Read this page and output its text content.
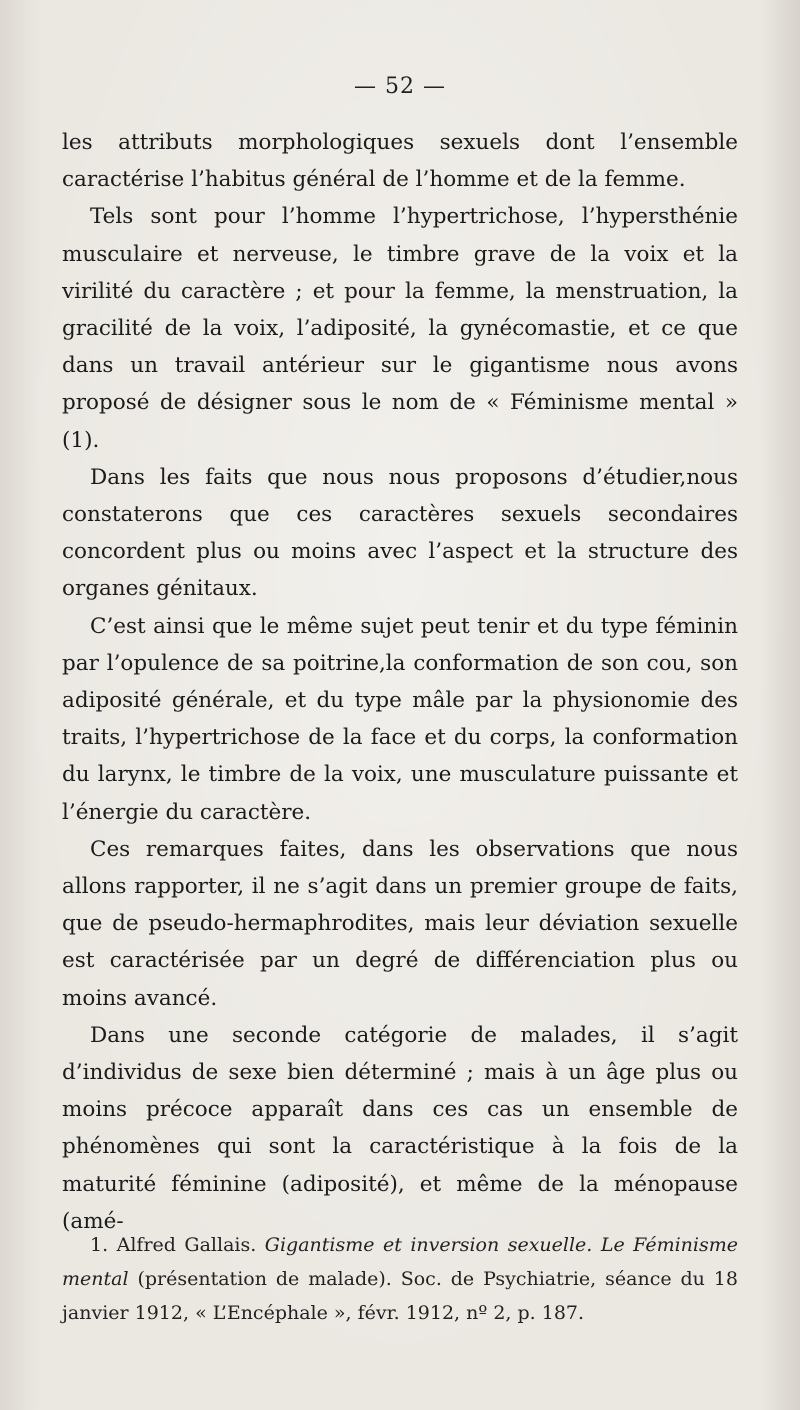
— 52 —

les attributs morphologiques sexuels dont l’ensemble caractérise l’habitus général de l’homme et de la femme.

Tels sont pour l’homme l’hypertrichose, l’hypersthénie musculaire et nerveuse, le timbre grave de la voix et la virilité du caractère ; et pour la femme, la menstruation, la gracilité de la voix, l’adiposité, la gynécomastie, et ce que dans un travail antérieur sur le gigantisme nous avons proposé de désigner sous le nom de « Féminisme mental » (1).

Dans les faits que nous nous proposons d’étudier,nous constaterons que ces caractères sexuels secondaires concordent plus ou moins avec l’aspect et la structure des organes génitaux.

C’est ainsi que le même sujet peut tenir et du type féminin par l’opulence de sa poitrine,la conformation de son cou, son adiposité générale, et du type mâle par la physionomie des traits, l’hypertrichose de la face et du corps, la conformation du larynx, le timbre de la voix, une musculature puissante et l’énergie du caractère.

Ces remarques faites, dans les observations que nous allons rapporter, il ne s’agit dans un premier groupe de faits, que de pseudo-hermaphrodites, mais leur déviation sexuelle est caractérisée par un degré de différenciation plus ou moins avancé.

Dans une seconde catégorie de malades, il s’agit d’individus de sexe bien déterminé ; mais à un âge plus ou moins précoce apparaît dans ces cas un ensemble de phénomènes qui sont la caractéristique à la fois de la maturité féminine (adiposité), et même de la ménopause (amé-

1. Alfred Gallais. Gigantisme et inversion sexuelle. Le Féminisme mental (présentation de malade). Soc. de Psychiatrie, séance du 18 janvier 1912, « L’Encéphale », févr. 1912, nº 2, p. 187.
